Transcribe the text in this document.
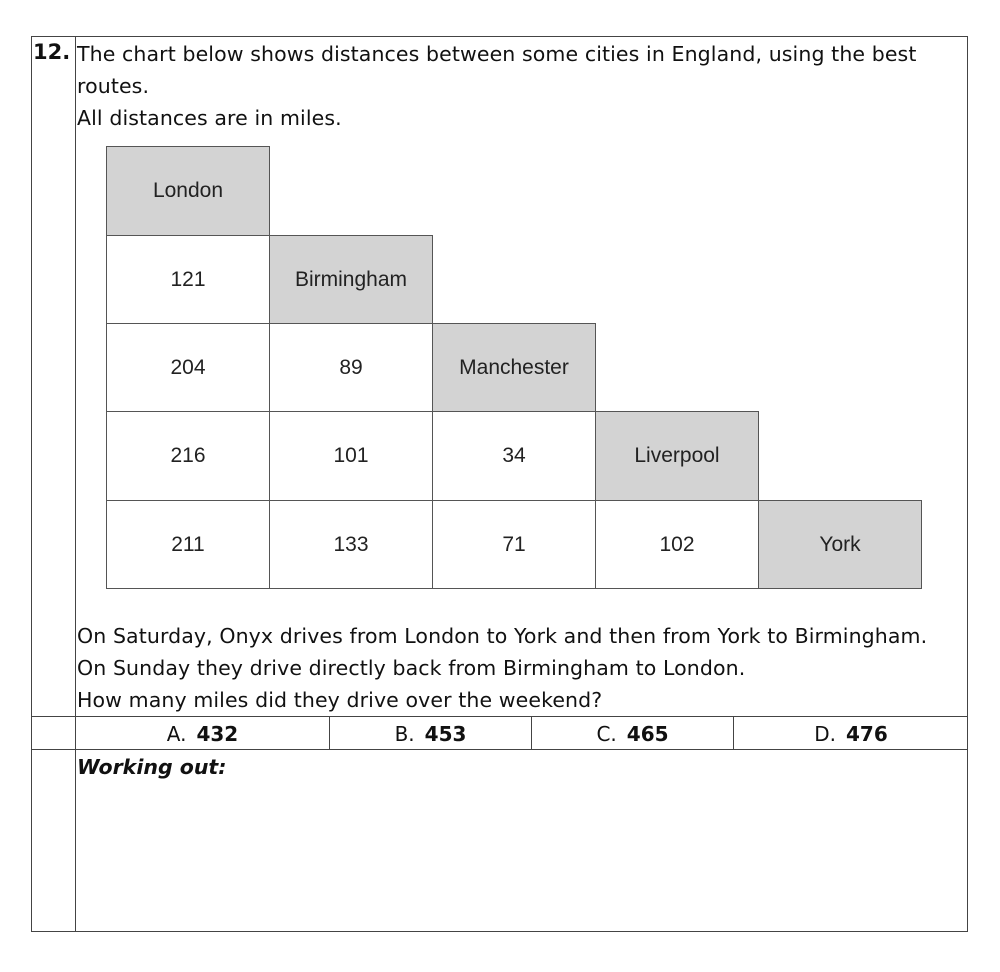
12. The chart below shows distances between some cities in England, using the best
routes.
All distances are in miles.
London
121	Birmingham
204	89	Manchester
216	101	34	Liverpool
211	133	71	102	York
On Saturday, Onyx drives from London to York and then from York to Birmingham.
On Sunday they drive directly back from Birmingham to London.
How many miles did they drive over the weekend?
A. 432	B. 453	C. 465	D. 476
Working out:
